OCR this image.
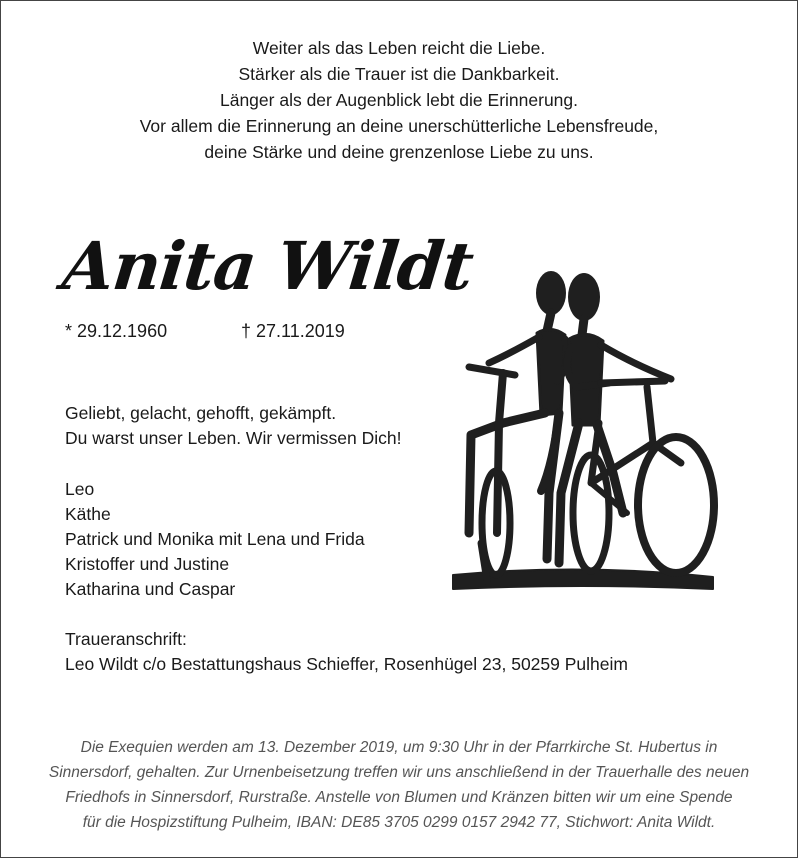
Weiter als das Leben reicht die Liebe.
Stärker als die Trauer ist die Dankbarkeit.
Länger als der Augenblick lebt die Erinnerung.
Vor allem die Erinnerung an deine unerschütterliche Lebensfreude,
deine Stärke und deine grenzenlose Liebe zu uns.
Anita Wildt
* 29.12.1960	† 27.11.2019
Geliebt, gelacht, gehofft, gekämpft.
Du warst unser Leben. Wir vermissen Dich!
Leo
Käthe
Patrick und Monika mit Lena und Frida
Kristoffer und Justine
Katharina und Caspar
Traueranschrift:
Leo Wildt c/o Bestattungshaus Schieffer, Rosenhügel 23, 50259 Pulheim
Die Exequien werden am 13. Dezember 2019, um 9:30 Uhr in der Pfarrkirche St. Hubertus in
Sinnersdorf, gehalten. Zur Urnenbeisetzung treffen wir uns anschließend in der Trauerhalle des neuen
Friedhofs in Sinnersdorf, Rurstraße. Anstelle von Blumen und Kränzen bitten wir um eine Spende
für die Hospizstiftung Pulheim, IBAN: DE85 3705 0299 0157 2942 77, Stichwort: Anita Wildt.
